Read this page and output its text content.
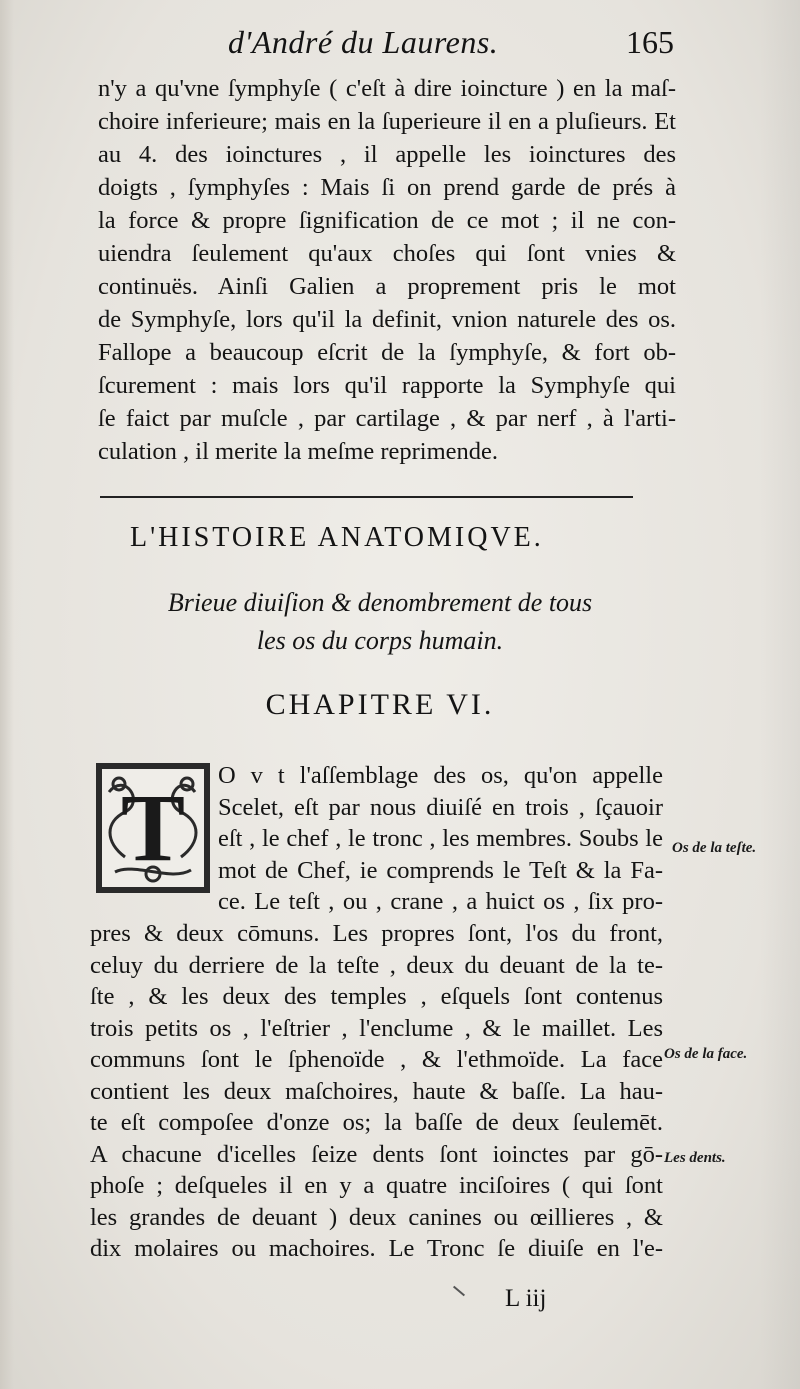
d'André du Laurens.	165
n'y a qu'vne ſymphyſe ( c'eſt à dire ioincture ) en la maſ-
choire inferieure; mais en la ſuperieure il en a pluſieurs. Et
au 4. des ioinctures , il appelle les ioinctures des
doigts , ſymphyſes : Mais ſi on prend garde de prés à
la force & propre ſignification de ce mot ; il ne con-
uiendra ſeulement qu'aux choſes qui ſont vnies &
continuës. Ainſi Galien a proprement pris le mot
de Symphyſe, lors qu'il la definit, vnion naturele des os.
Fallope a beaucoup eſcrit de la ſymphyſe, & fort ob-
ſcurement : mais lors qu'il rapporte la Symphyſe qui
ſe faict par muſcle , par cartilage , & par nerf , à l'arti-
culation , il merite la meſme reprimende.
L'HISTOIRE ANATOMIQVE.
Brieue diuiſion & denombrement de tous
les os du corps humain.
CHAPITRE VI.
T O v t l'aſſemblage des os, qu'on appelle
Scelet, eſt par nous diuiſé en trois , ſçauoir
eſt , le chef , le tronc , les membres. Soubs le
mot de Chef, ie comprends le Teſt & la Fa-
ce. Le teſt , ou , crane , a huict os , ſix pro-
pres & deux cōmuns. Les propres ſont, l'os du front,
celuy du derriere de la teſte , deux du deuant de la te-
ſte , & les deux des temples , eſquels ſont contenus
trois petits os , l'eſtrier , l'enclume , & le maillet. Les
communs ſont le ſphenoïde , & l'ethmoïde. La face
contient les deux maſchoires, haute & baſſe. La hau-
te eſt compoſee d'onze os; la baſſe de deux ſeulemēt.
A chacune d'icelles ſeize dents ſont ioinctes par gō-
phoſe ; deſqueles il en y a quatre inciſoires ( qui ſont
les grandes de deuant ) deux canines ou œillieres , &
dix molaires ou machoires. Le Tronc ſe diuiſe en l'e-
Os de la teſte.
Os de la face.
Les dents.
L iij
